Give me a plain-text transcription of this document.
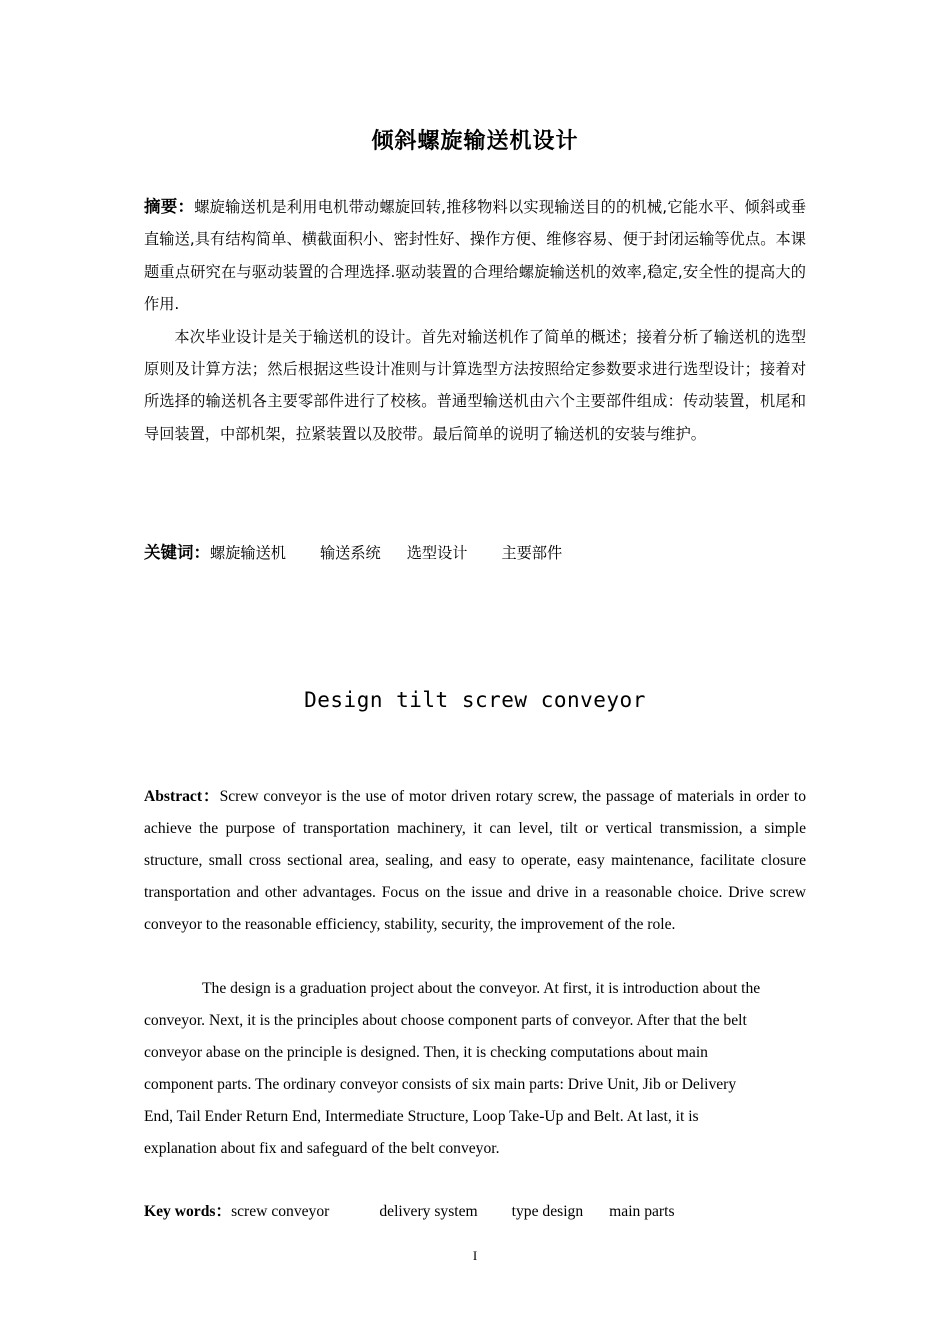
倾斜螺旋输送机设计

摘要：螺旋输送机是利用电机带动螺旋回转,推移物料以实现输送目的的机械,它能水平、倾斜或垂直输送,具有结构简单、横截面积小、密封性好、操作方便、维修容易、便于封闭运输等优点。本课题重点研究在与驱动装置的合理选择.驱动装置的合理给螺旋输送机的效率,稳定,安全性的提高大的作用.

本次毕业设计是关于输送机的设计。首先对输送机作了简单的概述；接着分析了输送机的选型原则及计算方法；然后根据这些设计准则与计算选型方法按照给定参数要求进行选型设计；接着对所选择的输送机各主要零部件进行了校核。普通型输送机由六个主要部件组成：传动装置，机尾和导回装置，中部机架，拉紧装置以及胶带。最后简单的说明了输送机的安装与维护。

关键词：螺旋输送机 输送系统 选型设计 主要部件
Design tilt screw conveyor

Abstract：Screw conveyor is the use of motor driven rotary screw, the passage of materials in order to achieve the purpose of transportation machinery, it can level, tilt or vertical transmission, a simple structure, small cross sectional area, sealing, and easy to operate, easy maintenance, facilitate closure transportation and other advantages. Focus on the issue and drive in a reasonable choice. Drive screw conveyor to the reasonable efficiency, stability, security, the improvement of the role.

The design is a graduation project about the conveyor. At first, it is introduction about the
conveyor. Next, it is the principles about choose component parts of conveyor. After that the belt
conveyor abase on the principle is designed. Then, it is checking computations about main
component parts. The ordinary conveyor consists of six main parts: Drive Unit, Jib or Delivery
End, Tail Ender Return End, Intermediate Structure, Loop Take-Up and Belt. At last, it is
explanation about fix and safeguard of the belt conveyor.
Key words：screw conveyor	delivery system type design main parts
I
